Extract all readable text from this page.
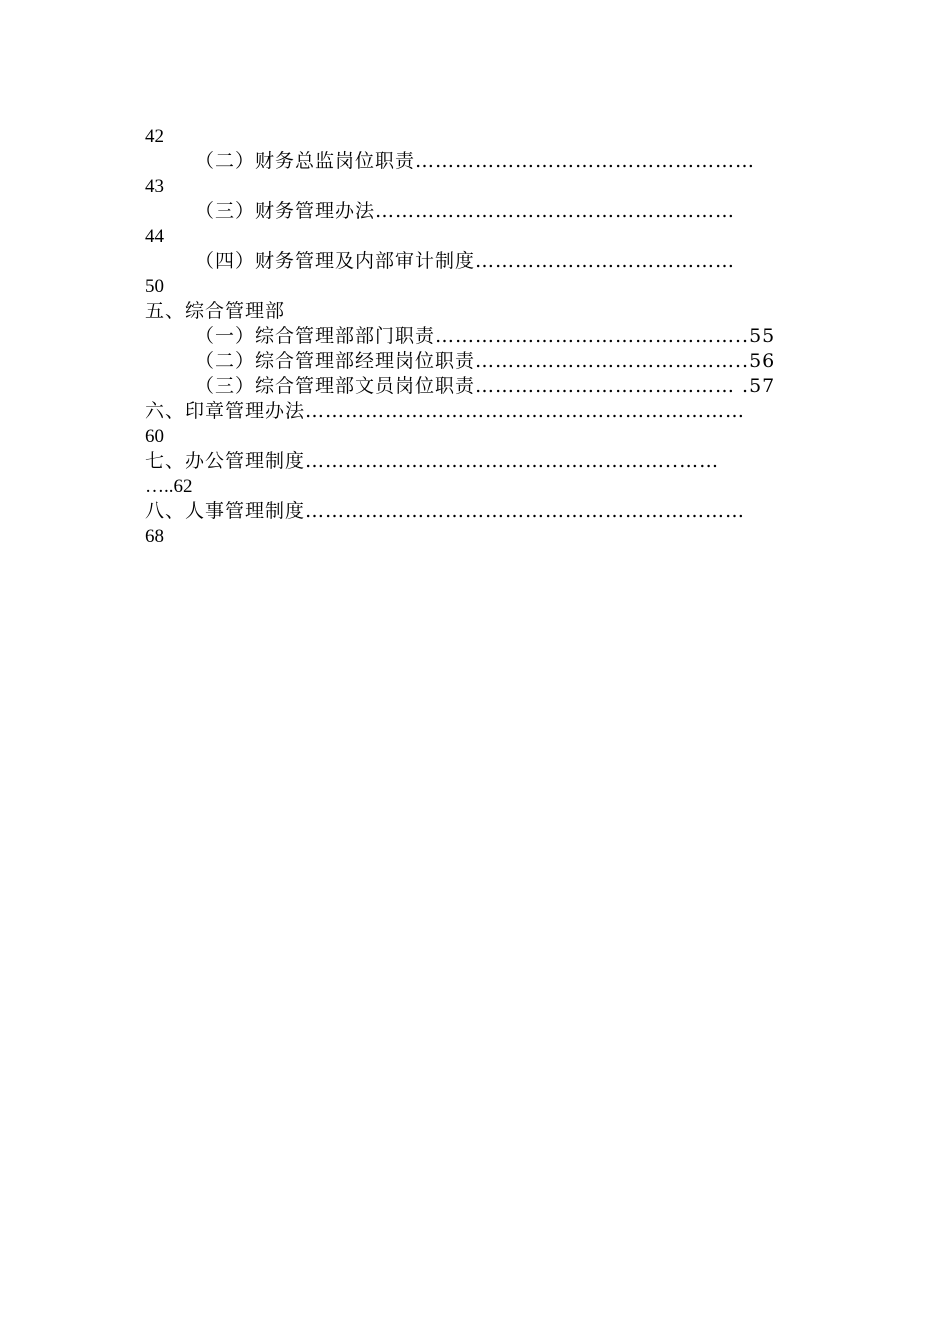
42
（二）财务总监岗位职责……………………………………………
43
（三）财务管理办法………………………………………………
44
（四）财务管理及内部审计制度…………………………………
50
五、综合管理部
（一）综合管理部部门职责………………………………………..55
（二）综合管理部经理岗位职责…………………………………..56
（三）综合管理部文员岗位职责………………………………… .57
六、印章管理办法…………………………………………………………
60
七、办公管理制度………………………………………………..……
…..62
八、人事管理制度…………………………………………………………
68
